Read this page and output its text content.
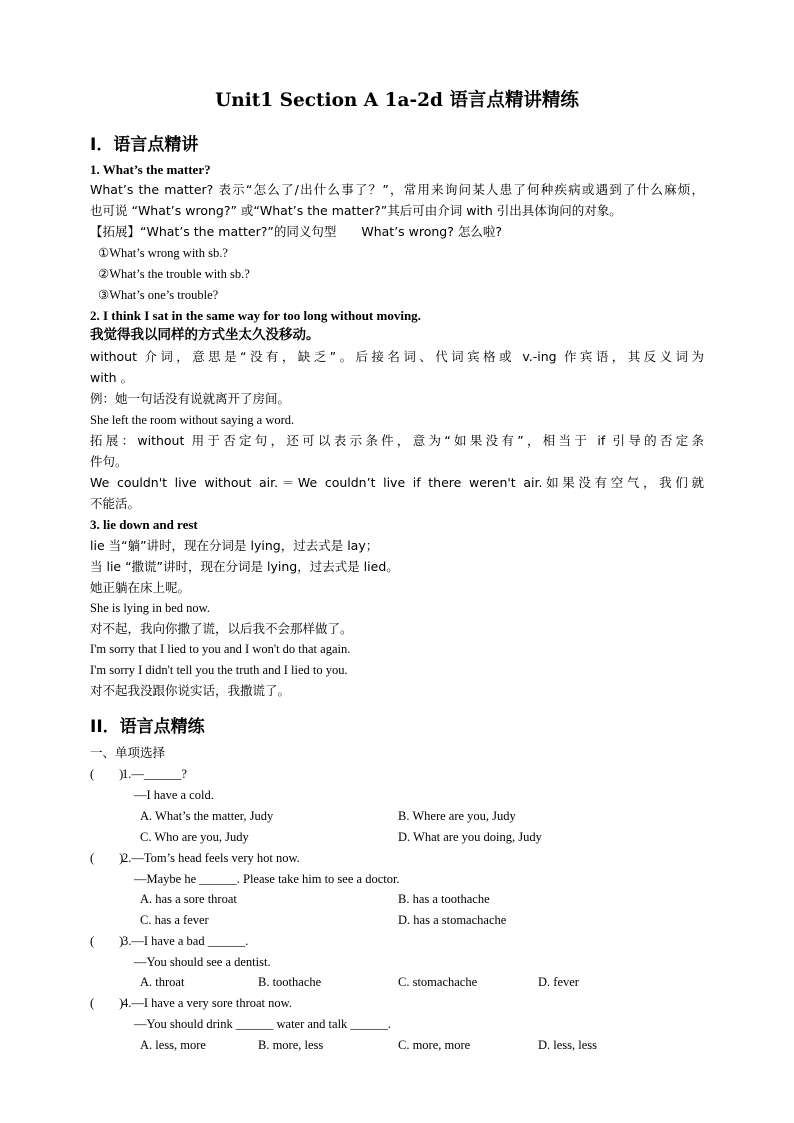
Unit1 Section A 1a-2d 语言点精讲精练
I．语言点精讲
1. What’s the matter?
What’s the matter? 表示“怎么了/出什么事了？”，常用来询问某人患了何种疾病或遇到了什么麻烦，
也可说 “What’s wrong?” 或“What’s the matter?”其后可由介词 with 引出具体询问的对象。
【拓展】“What’s the matter?”的同义句型　　What’s wrong? 怎么啦?
①What’s wrong with sb.?
②What’s the trouble with sb.?
③What’s one’s trouble?
2. I think I sat in the same way for too long without moving.
我觉得我以同样的方式坐太久没移动。
without 介词，意思是“没有，缺乏”。后接名词、代词宾格或 v.-ing 作宾语，其反义词为
with 。
例：她一句话没有说就离开了房间。
She left the room without saying a word.
拓展：without 用于否定句，还可以表示条件，意为“如果没有”，相当于 if 引导的否定条
件句。
We couldn't live without air.＝We couldn’t live if there weren't air.如果没有空气，我们就
不能活。
3. lie down and rest
lie 当“躺”讲时，现在分词是 lying，过去式是 lay；
当 lie “撒谎”讲时，现在分词是 lying，过去式是 lied。
她正躺在床上呢。
She is lying in bed now.
对不起，我向你撒了谎，以后我不会那样做了。
I'm sorry that I lied to you and I won't do that again.
I'm sorry I didn't tell you the truth and I lied to you.
对不起我没跟你说实话，我撒谎了。
II．语言点精练
一、单项选择
(　　)1.—______?
—I have a cold.
A. What’s the matter, Judy	B. Where are you, Judy
C. Who are you, Judy	D. What are you doing, Judy
(　　)2.—Tom’s head feels very hot now.
—Maybe he ______. Please take him to see a doctor.
A. has a sore throat	B. has a toothache
C. has a fever	D. has a stomachache
(　　)3.—I have a bad ______.
—You should see a dentist.
A. throat	B. toothache	C. stomachache	D. fever
(　　)4.—I have a very sore throat now.
—You should drink ______ water and talk ______.
A. less, more	B. more, less	C. more, more	D. less, less
